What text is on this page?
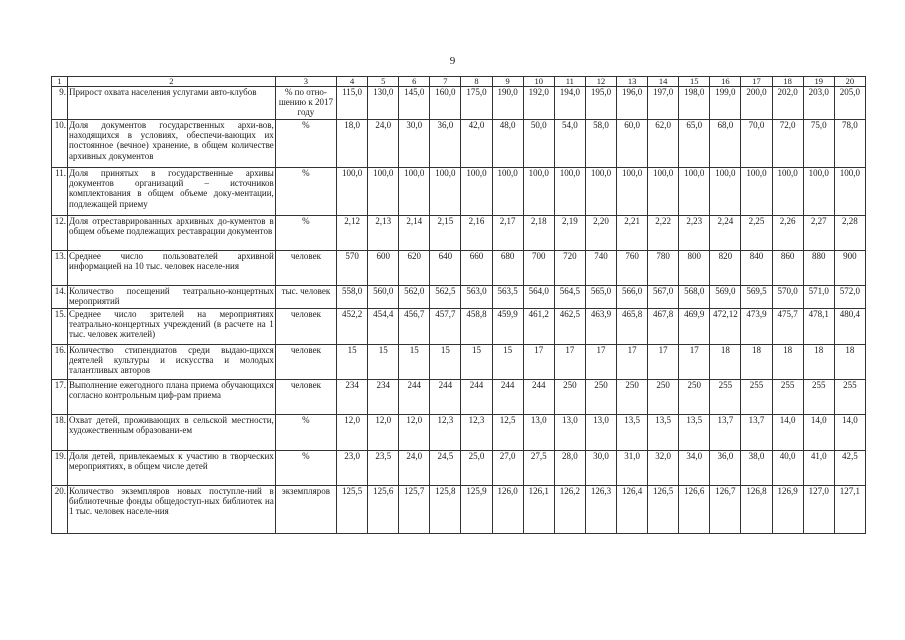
9
1	2	3	4	5	6	7	8	9	10	11	12	13	14	15	16	17	18	19	20
9.	Прирост охвата населения услугами авто-клубов	% по отно-шению к 2017 году	115,0	130,0	145,0	160,0	175,0	190,0	192,0	194,0	195,0	196,0	197,0	198,0	199,0	200,0	202,0	203,0	205,0
10.	Доля документов государственных архи-вов, находящихся в условиях, обеспечи-вающих их постоянное (вечное) хранение, в общем количестве архивных документов	%	18,0	24,0	30,0	36,0	42,0	48,0	50,0	54,0	58,0	60,0	62,0	65,0	68,0	70,0	72,0	75,0	78,0
11.	Доля принятых в государственные архивы документов организаций – источников комплектования в общем объеме доку-ментации, подлежащей приему	%	100,0	100,0	100,0	100,0	100,0	100,0	100,0	100,0	100,0	100,0	100,0	100,0	100,0	100,0	100,0	100,0	100,0
12.	Доля отреставрированных архивных до-кументов в общем объеме подлежащих реставрации документов	%	2,12	2,13	2,14	2,15	2,16	2,17	2,18	2,19	2,20	2,21	2,22	2,23	2,24	2,25	2,26	2,27	2,28
13.	Среднее число пользователей архивной информацией на 10 тыс. человек населе-ния	человек	570	600	620	640	660	680	700	720	740	760	780	800	820	840	860	880	900
14.	Количество посещений театрально-концертных мероприятий	тыс. человек	558,0	560,0	562,0	562,5	563,0	563,5	564,0	564,5	565,0	566,0	567,0	568,0	569,0	569,5	570,0	571,0	572,0
15.	Среднее число зрителей на мероприятиях театрально-концертных учреждений (в расчете на 1 тыс. человек жителей)	человек	452,2	454,4	456,7	457,7	458,8	459,9	461,2	462,5	463,9	465,8	467,8	469,9	472,12	473,9	475,7	478,1	480,4
16.	Количество стипендиатов среди выдаю-щихся деятелей культуры и искусства и молодых талантливых авторов	человек	15	15	15	15	15	15	17	17	17	17	17	17	18	18	18	18	18
17.	Выполнение ежегодного плана приема обучающихся согласно контрольным циф-рам приема	человек	234	234	244	244	244	244	244	250	250	250	250	250	255	255	255	255	255
18.	Охват детей, проживающих в сельской местности, художественным образовани-ем	%	12,0	12,0	12,0	12,3	12,3	12,5	13,0	13,0	13,0	13,5	13,5	13,5	13,7	13,7	14,0	14,0	14,0
19.	Доля детей, привлекаемых к участию в творческих мероприятиях, в общем числе детей	%	23,0	23,5	24,0	24,5	25,0	27,0	27,5	28,0	30,0	31,0	32,0	34,0	36,0	38,0	40,0	41,0	42,5
20.	Количество экземпляров новых поступле-ний в библиотечные фонды общедоступ-ных библиотек на 1 тыс. человек населе-ния	экземпляров	125,5	125,6	125,7	125,8	125,9	126,0	126,1	126,2	126,3	126,4	126,5	126,6	126,7	126,8	126,9	127,0	127,1
